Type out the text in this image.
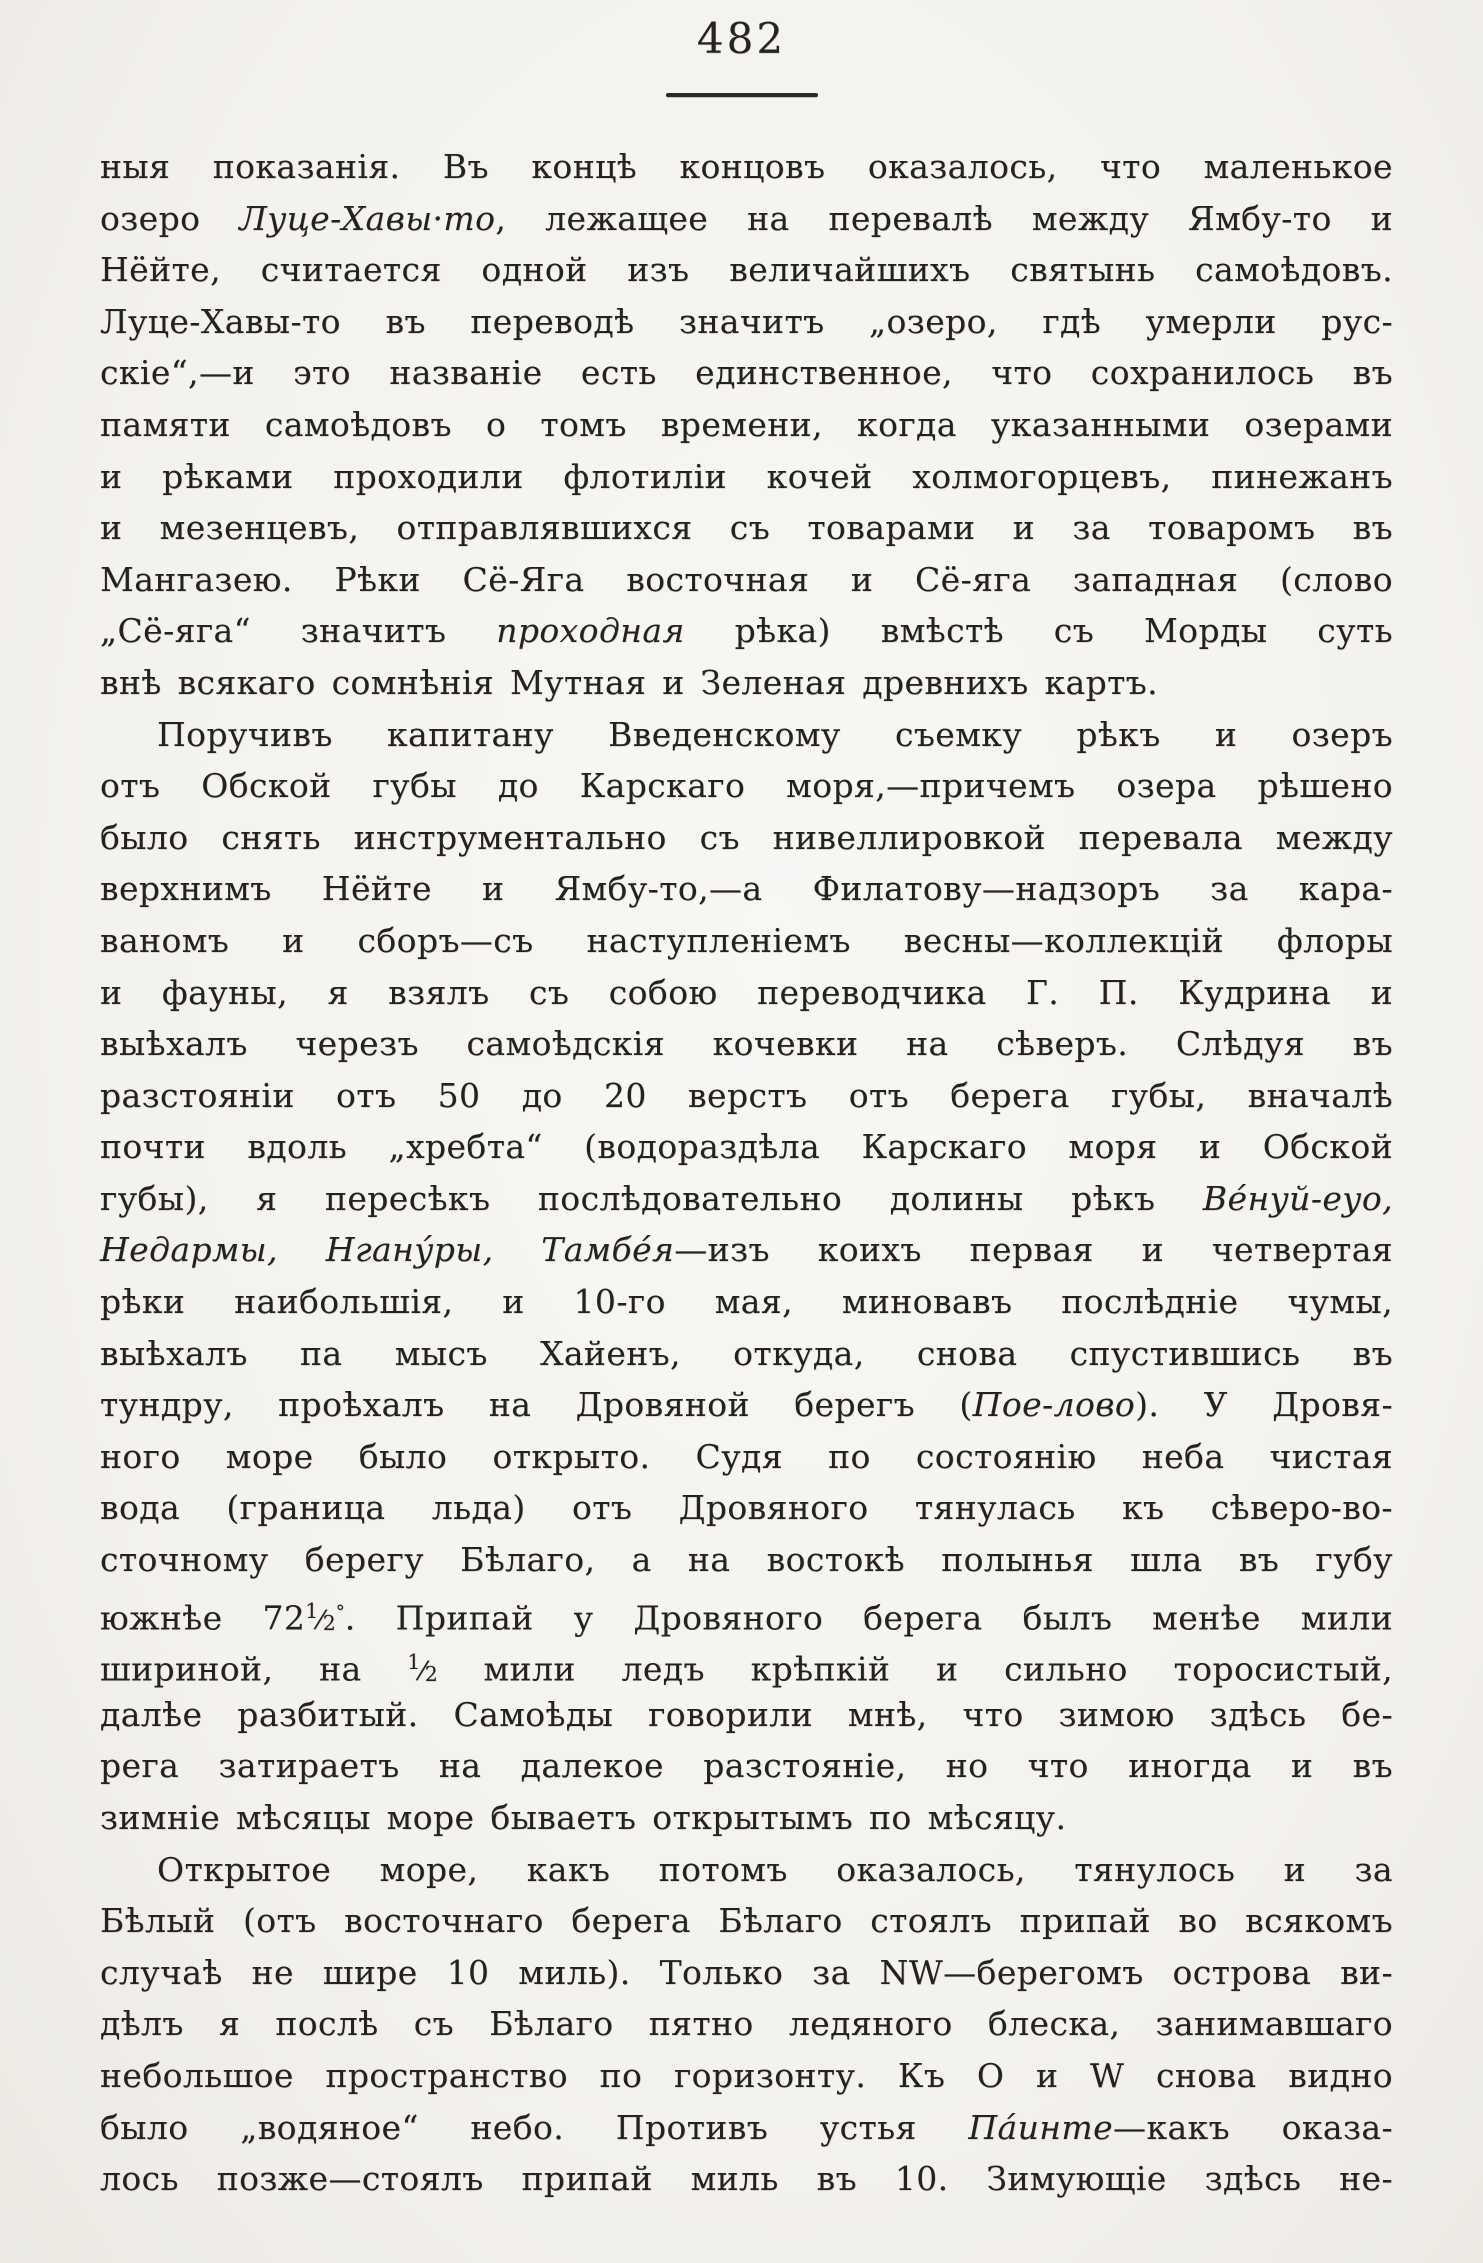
482
ныя показанія. Въ концѣ концовъ оказалось, что маленькое
озеро Луце-Хавы·то, лежащее на перевалѣ между Ямбу-то и
Нёйте, считается одной изъ величайшихъ святынь самоѣдовъ.
Луце-Хавы-то въ переводѣ значитъ „озеро, гдѣ умерли рус-
скіе“,—и это названіе есть единственное, что сохранилось въ
памяти самоѣдовъ о томъ времени, когда указанными озерами
и рѣками проходили флотиліи кочей холмогорцевъ, пинежанъ
и мезенцевъ, отправлявшихся съ товарами и за товаромъ въ
Мангазею. Рѣки Сё-Яга восточная и Сё-яга западная (слово
„Сё-яга“ значитъ проходная рѣка) вмѣстѣ съ Морды суть
внѣ всякаго сомнѣнія Мутная и Зеленая древнихъ картъ.
Поручивъ капитану Введенскому съемку рѣкъ и озеръ
отъ Обской губы до Карскаго моря,—причемъ озера рѣшено
было снять инструментально съ нивеллировкой перевала между
верхнимъ Нёйте и Ямбу-то,—а Филатову—надзоръ за кара-
ваномъ и сборъ—съ наступленіемъ весны—коллекцій флоры
и фауны, я взялъ съ собою переводчика Г. П. Кудрина и
выѣхалъ черезъ самоѣдскія кочевки на сѣверъ. Слѣдуя въ
разстояніи отъ 50 до 20 верстъ отъ берега губы, вначалѣ
почти вдоль „хребта“ (водораздѣла Карскаго моря и Обской
губы), я пересѣкъ послѣдовательно долины рѣкъ Ве́нуй-еуо,
Недармы, Нгану́ры, Тамбе́я—изъ коихъ первая и четвертая
рѣки наибольшія, и 10-го мая, миновавъ послѣдніе чумы,
выѣхалъ па мысъ Хайенъ, откуда, снова спустившись въ
тундру, проѣхалъ на Дровяной берегъ (Пое-лово). У Дровя-
ного море было открыто. Судя по состоянію неба чистая
вода (граница льда) отъ Дровяного тянулась къ сѣверо-во-
сточному берегу Бѣлаго, а на востокѣ полынья шла въ губу
южнѣе $72^1⁄2^\circ$. Припай у Дровяного берега былъ менѣе мили
шириной, на $^1$⁄2 мили ледъ крѣпкій и сильно торосистый,
далѣе разбитый. Самоѣды говорили мнѣ, что зимою здѣсь бе-
рега затираетъ на далекое разстояніе, но что иногда и въ
зимніе мѣсяцы море бываетъ открытымъ по мѣсяцу.
Открытое море, какъ потомъ оказалось, тянулось и за
Бѣлый (отъ восточнаго берега Бѣлаго стоялъ припай во всякомъ
случаѣ не шире 10 миль). Только за NW—берегомъ острова ви-
дѣлъ я послѣ съ Бѣлаго пятно ледяного блеска, занимавшаго
небольшое пространство по горизонту. Къ О и W снова видно
было „водяное“ небо. Противъ устья Па́инте—какъ оказа-
лось позже—стоялъ припай миль въ 10. Зимующіе здѣсь не-
